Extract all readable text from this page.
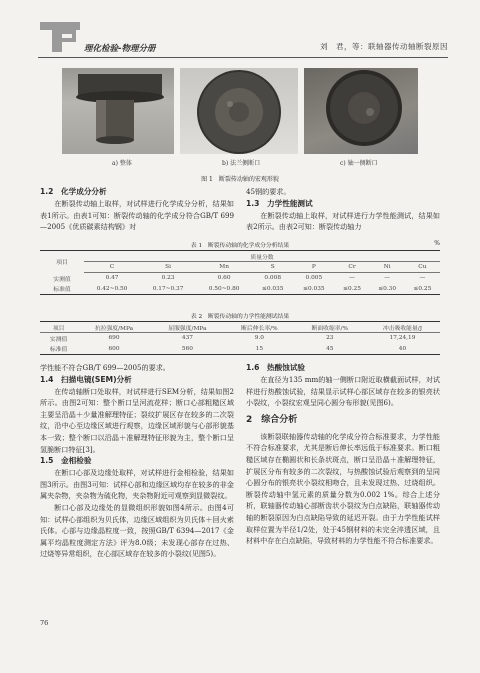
理化检验-物理分册	刘　君，等：联轴器传动轴断裂原因
a) 整体	b) 法兰侧断口	c) 轴一侧断口
图 1　断裂传动轴的宏观形貌
1.2　化学成分分析

在断裂传动轴上取样，对试样进行化学成分分析，结果如表1所示。由表1可知：断裂传动轴的化学成分符合GB/T 699—2005《优质碳素结构钢》对

45钢的要求。

1.3　力学性能测试

在断裂传动轴上取样，对试样进行力学性能测试，结果如表2所示。由表2可知：断裂传动轴力

表 1　断裂传动轴的化学成分分析结果	%
项目	质量分数							
	C	Si	Mn	S	P	Cr	Ni	Cu
实测值	0.47	0.23	0.60	0.008	0.005	—	—	—
标准值	0.42~0.50	0.17~0.37	0.50~0.80	≤0.035	≤0.035	≤0.25	≤0.30	≤0.25
表 2　断裂传动轴的力学性能测试结果
项目	抗拉强度/MPa	屈服强度/MPa	断后伸长率/%	断面收缩率/%	冲击吸收能量/J
实测值	690	437	9.0	23	17,24,19
标准值	600	560	15	45	40

学性能不符合GB/T 699—2005的要求。

1.4　扫描电镜(SEM)分析

在传动轴断口处取样，对试样进行SEM分析，结果如图2所示。由图2可知：整个断口呈河流花样；断口心部粗糙区域主要呈沿晶＋少量准解理特征；裂纹扩展区存在较多的二次裂纹，沿中心至边缘区域进行观察，边缘区域形貌与心部形貌基本一致；整个断口以沿晶＋准解理特征形貌为主，整个断口呈氢脆断口特征[3]。

1.5　金相检验

在断口心部及边缘处取样，对试样进行金相检验，结果如图3所示。由图3可知：试样心部和边缘区域均存在较多的非金属夹杂物，夹杂物为硫化物，夹杂物附近可观察到显微裂纹。

断口心部及边缘处的显微组织形貌如图4所示。由图4可知：试样心部组织为贝氏体，边缘区域组织为贝氏体＋回火索氏体。心部与边缘晶粒度一致，按照GB/T 6394—2017《金属平均晶粒度测定方法》评为8.0级；未发现心部存在过热、过烧等异常组织，在心部区域存在较多的小裂纹(见图5)。

1.6　热酸蚀试验

在直径为135 mm的轴一侧断口附近取横截面试样，对试样进行热酸蚀试验，结果显示试样心部区域存在较多的银亮状小裂纹，小裂纹宏观呈同心圆分布形貌(见图6)。

2　综合分析

该断裂联轴器传动轴的化学成分符合标准要求，力学性能不符合标准要求，尤其是断后伸长率远低于标准要求。断口粗糙区域存在椭圆状和长条状斑点，断口呈沿晶＋准解理特征，扩展区分布有较多的二次裂纹，与热酸蚀试验后观察到的呈同心圆分布的银亮状小裂纹相吻合，且未发现过热、过烧组织。断裂传动轴中氢元素的质量分数为0.002 1%。综合上述分析，联轴器传动轴心部断齿状小裂纹为白点缺陷，联轴器传动轴的断裂原因为白点缺陷导致的延迟开裂。由于力学性能试样取样位置为半径1/2处，处于45钢材料的未完全淬透区域，且材料中存在白点缺陷，导致材料的力学性能不符合标准要求。

76
